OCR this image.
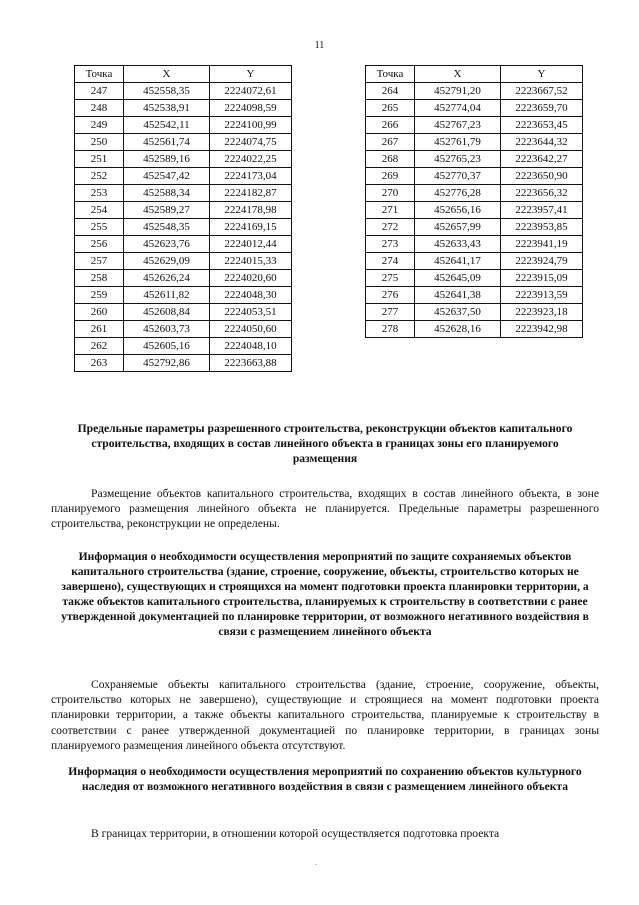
11
Точка	X	Y
247	452558,35	2224072,61
248	452538,91	2224098,59
249	452542,11	2224100,99
250	452561,74	2224074,75
251	452589,16	2224022,25
252	452547,42	2224173,04
253	452588,34	2224182,87
254	452589,27	2224178,98
255	452548,35	2224169,15
256	452623,76	2224012,44
257	452629,09	2224015,33
258	452626,24	2224020,60
259	452611,82	2224048,30
260	452608,84	2224053,51
261	452603,73	2224050,60
262	452605,16	2224048,10
263	452792,86	2223663,88
Точка	X	Y
264	452791,20	2223667,52
265	452774,04	2223659,70
266	452767,23	2223653,45
267	452761,79	2223644,32
268	452765,23	2223642,27
269	452770,37	2223650,90
270	452776,28	2223656,32
271	452656,16	2223957,41
272	452657,99	2223953,85
273	452633,43	2223941,19
274	452641,17	2223924,79
275	452645,09	2223915,09
276	452641,38	2223913,59
277	452637,50	2223923,18
278	452628,16	2223942,98
Предельные параметры разрешенного строительства, реконструкции объектов капитального строительства, входящих в состав линейного объекта в границах зоны его планируемого размещения
Размещение объектов капитального строительства, входящих в состав линейного объекта, в зоне планируемого размещения линейного объекта не планируется. Предельные параметры разрешенного строительства, реконструкции не определены.
Информация о необходимости осуществления мероприятий по защите сохраняемых объектов капитального строительства (здание, строение, сооружение, объекты, строительство которых не завершено), существующих и строящихся на момент подготовки проекта планировки территории, а также объектов капитального строительства, планируемых к строительству в соответствии с ранее утвержденной документацией по планировке территории, от возможного негативного воздействия в связи с размещением линейного объекта
Сохраняемые объекты капитального строительства (здание, строение, сооружение, объекты, строительство которых не завершено), существующие и строящиеся на момент подготовки проекта планировки территории, а также объекты капитального строительства, планируемые к строительству в соответствии с ранее утвержденной документацией по планировке территории, в границах зоны планируемого размещения линейного объекта отсутствуют.
Информация о необходимости осуществления мероприятий по сохранению объектов культурного наследия от возможного негативного воздействия в связи с размещением линейного объекта
В границах территории, в отношении которой осуществляется подготовка проекта
.
